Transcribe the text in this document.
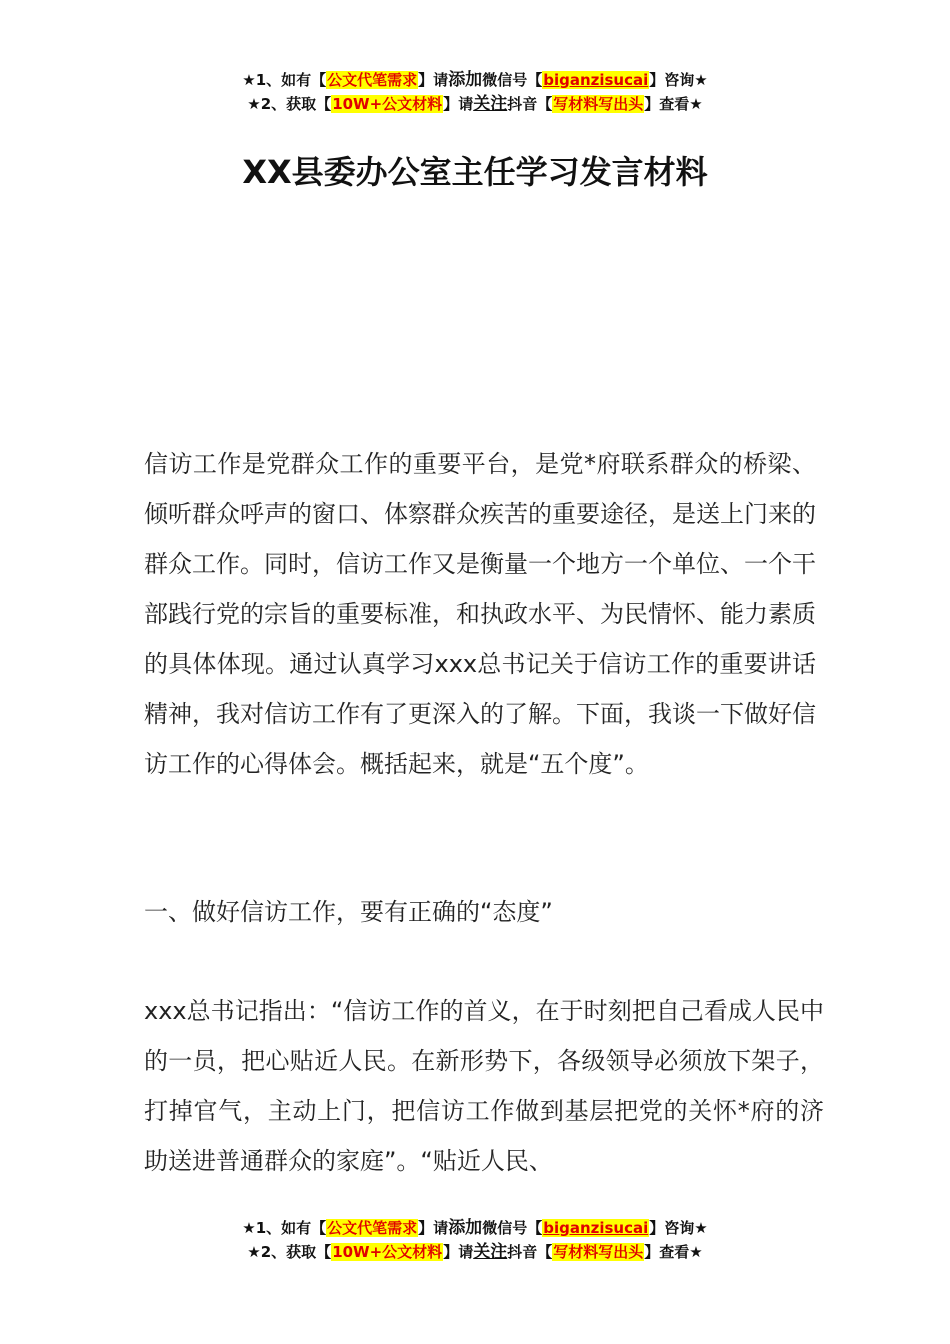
★1、如有【公文代笔需求】请添加微信号【biganzisucai】咨询★
★2、获取【10W+公文材料】请关注抖音【写材料写出头】查看★
XX县委办公室主任学习发言材料

信访工作是党群众工作的重要平台，是党*府联系群众的桥梁、倾听群众呼声的窗口、体察群众疾苦的重要途径，是送上门来的群众工作。同时，信访工作又是衡量一个地方一个单位、一个干部践行党的宗旨的重要标准，和执政水平、为民情怀、能力素质的具体体现。通过认真学习xxx总书记关于信访工作的重要讲话精神，我对信访工作有了更深入的了解。下面，我谈一下做好信访工作的心得体会。概括起来，就是“五个度”。

一、做好信访工作，要有正确的“态度”

xxx总书记指出：“信访工作的首义，在于时刻把自己看成人民中的一员，把心贴近人民。在新形势下，各级领导必须放下架子，打掉官气，主动上门，把信访工作做到基层把党的关怀*府的济助送进普通群众的家庭”。“贴近人民、

★1、如有【公文代笔需求】请添加微信号【biganzisucai】咨询★
★2、获取【10W+公文材料】请关注抖音【写材料写出头】查看★
